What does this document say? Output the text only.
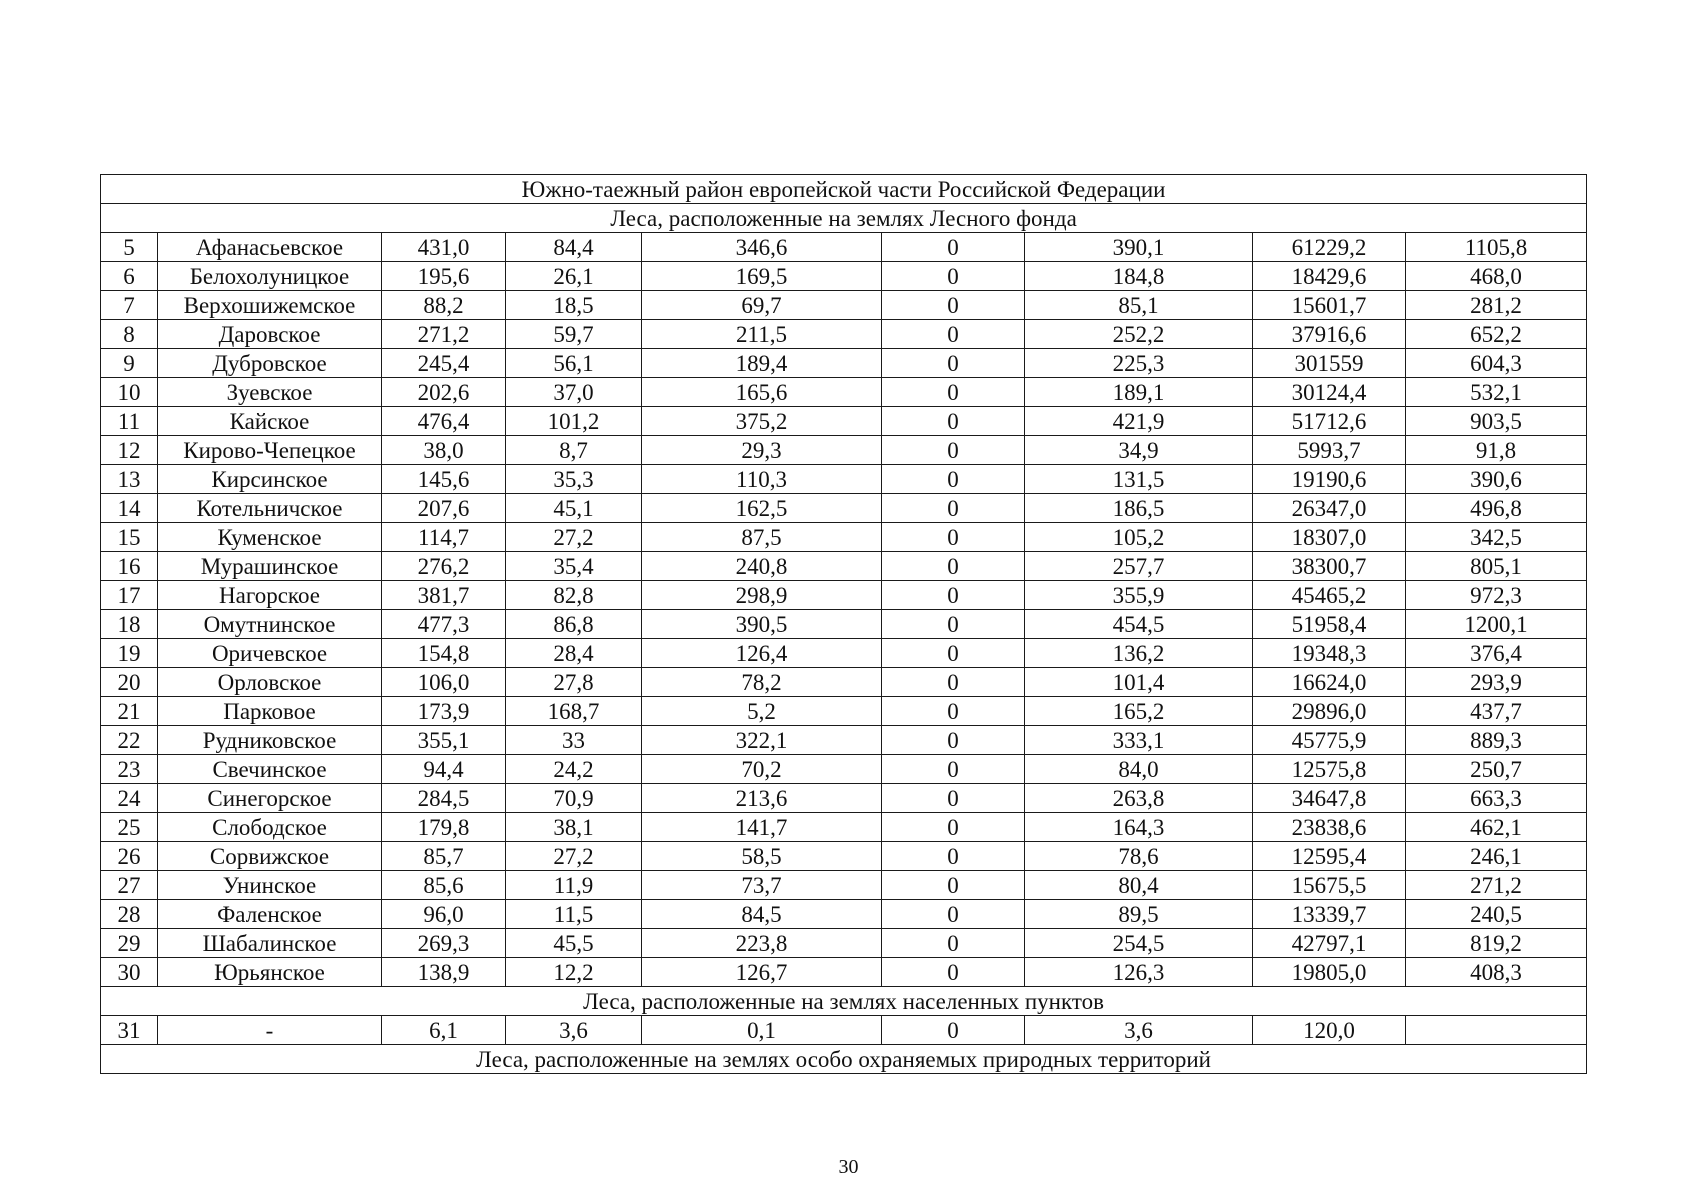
Южно-таежный район европейской части Российской Федерации								
Леса, расположенные на землях Лесного фонда								
5	Афанасьевское	431,0	84,4	346,6	0	390,1	61229,2	1105,8
6	Белохолуницкое	195,6	26,1	169,5	0	184,8	18429,6	468,0
7	Верхошижемское	88,2	18,5	69,7	0	85,1	15601,7	281,2
8	Даровское	271,2	59,7	211,5	0	252,2	37916,6	652,2
9	Дубровское	245,4	56,1	189,4	0	225,3	301559	604,3
10	Зуевское	202,6	37,0	165,6	0	189,1	30124,4	532,1
11	Кайское	476,4	101,2	375,2	0	421,9	51712,6	903,5
12	Кирово-Чепецкое	38,0	8,7	29,3	0	34,9	5993,7	91,8
13	Кирсинское	145,6	35,3	110,3	0	131,5	19190,6	390,6
14	Котельничское	207,6	45,1	162,5	0	186,5	26347,0	496,8
15	Куменское	114,7	27,2	87,5	0	105,2	18307,0	342,5
16	Мурашинское	276,2	35,4	240,8	0	257,7	38300,7	805,1
17	Нагорское	381,7	82,8	298,9	0	355,9	45465,2	972,3
18	Омутнинское	477,3	86,8	390,5	0	454,5	51958,4	1200,1
19	Оричевское	154,8	28,4	126,4	0	136,2	19348,3	376,4
20	Орловское	106,0	27,8	78,2	0	101,4	16624,0	293,9
21	Парковое	173,9	168,7	5,2	0	165,2	29896,0	437,7
22	Рудниковское	355,1	33	322,1	0	333,1	45775,9	889,3
23	Свечинское	94,4	24,2	70,2	0	84,0	12575,8	250,7
24	Синегорское	284,5	70,9	213,6	0	263,8	34647,8	663,3
25	Слободское	179,8	38,1	141,7	0	164,3	23838,6	462,1
26	Сорвижское	85,7	27,2	58,5	0	78,6	12595,4	246,1
27	Унинское	85,6	11,9	73,7	0	80,4	15675,5	271,2
28	Фаленское	96,0	11,5	84,5	0	89,5	13339,7	240,5
29	Шабалинское	269,3	45,5	223,8	0	254,5	42797,1	819,2
30	Юрьянское	138,9	12,2	126,7	0	126,3	19805,0	408,3
Леса, расположенные на землях населенных пунктов								
31	-	6,1	3,6	0,1	0	3,6	120,0	
Леса, расположенные на землях особо охраняемых природных территорий								
30
